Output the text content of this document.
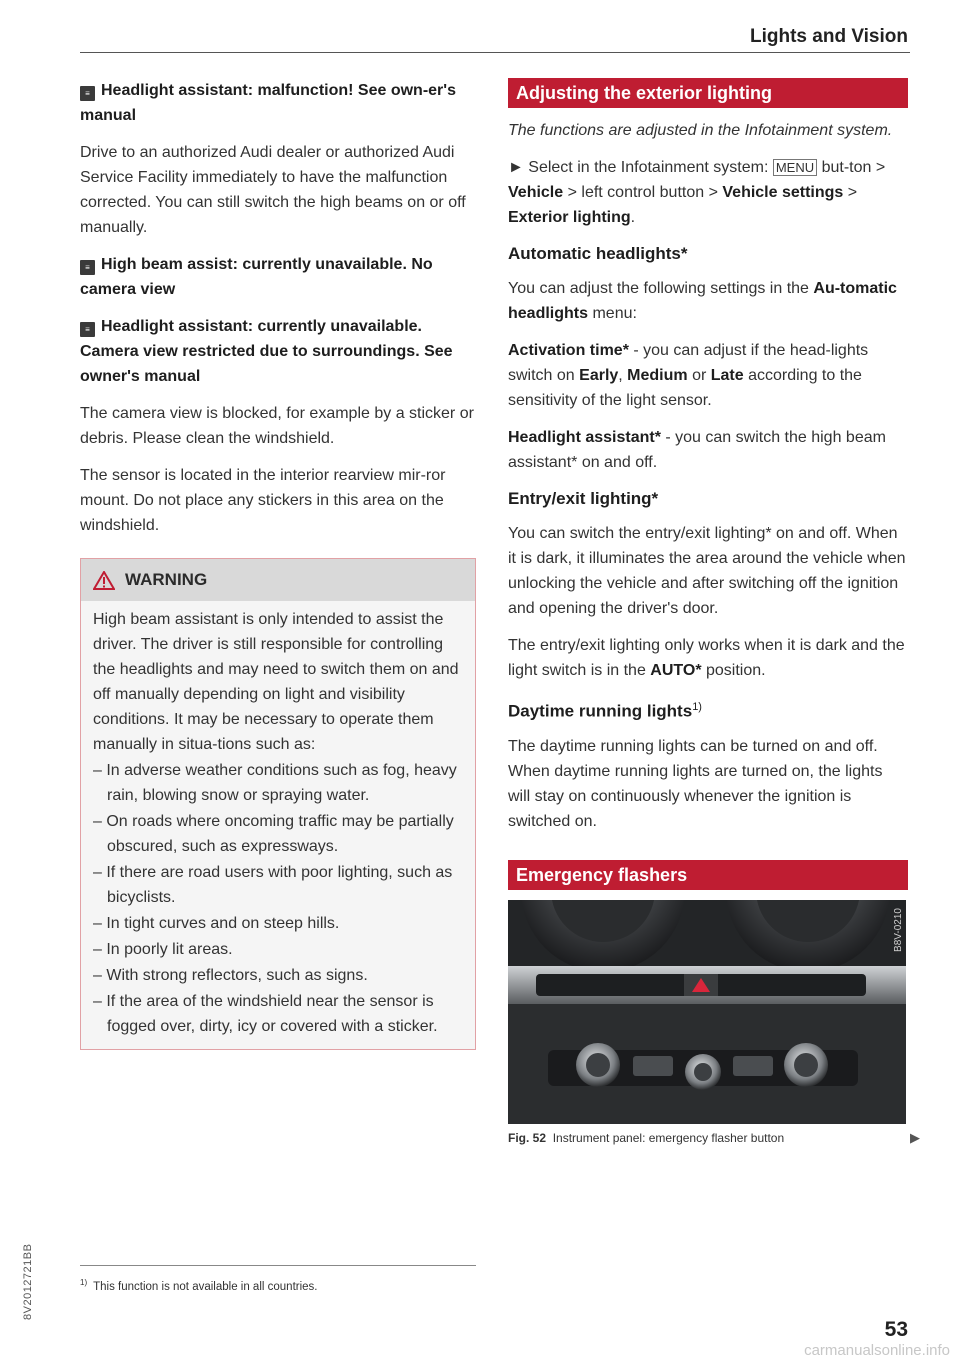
Lights and Vision
≡ Headlight assistant: malfunction! See own-er's manual

Drive to an authorized Audi dealer or authorized Audi Service Facility immediately to have the malfunction corrected. You can still switch the high beams on or off manually.

≡ High beam assist: currently unavailable. No camera view
≡ Headlight assistant: currently unavailable. Camera view restricted due to surroundings. See owner's manual

The camera view is blocked, for example by a sticker or debris. Please clean the windshield.

The sensor is located in the interior rearview mir-ror mount. Do not place any stickers in this area on the windshield.

WARNING
High beam assistant is only intended to assist the driver. The driver is still responsible for controlling the headlights and may need to switch them on and off manually depending on light and visibility conditions. It may be necessary to operate them manually in situa-tions such as:
– In adverse weather conditions such as fog, heavy rain, blowing snow or spraying water.
– On roads where oncoming traffic may be partially obscured, such as expressways.
– If there are road users with poor lighting, such as bicyclists.
– In tight curves and on steep hills.
– In poorly lit areas.
– With strong reflectors, such as signs.
– If the area of the windshield near the sensor is fogged over, dirty, icy or covered with a sticker.
Adjusting the exterior lighting

The functions are adjusted in the Infotainment system.

► Select in the Infotainment system: MENU but-ton > Vehicle > left control button > Vehicle settings > Exterior lighting.

Automatic headlights*

You can adjust the following settings in the Au-tomatic headlights menu:

Activation time* - you can adjust if the head-lights switch on Early, Medium or Late according to the sensitivity of the light sensor.

Headlight assistant* - you can switch the high beam assistant* on and off.

Entry/exit lighting*

You can switch the entry/exit lighting* on and off. When it is dark, it illuminates the area around the vehicle when unlocking the vehicle and after switching off the ignition and opening the driver's door.

The entry/exit lighting only works when it is dark and the light switch is in the AUTO* position.

Daytime running lights$^{1)}$

The daytime running lights can be turned on and off. When daytime running lights are turned on, the lights will stay on continuously whenever the ignition is switched on.

Emergency flashers
B8V-0210
Fig. 52 Instrument panel: emergency flasher button	▶
$^{1)}$ This function is not available in all countries.
8V2012721BB
53
carmanualsonline.info
